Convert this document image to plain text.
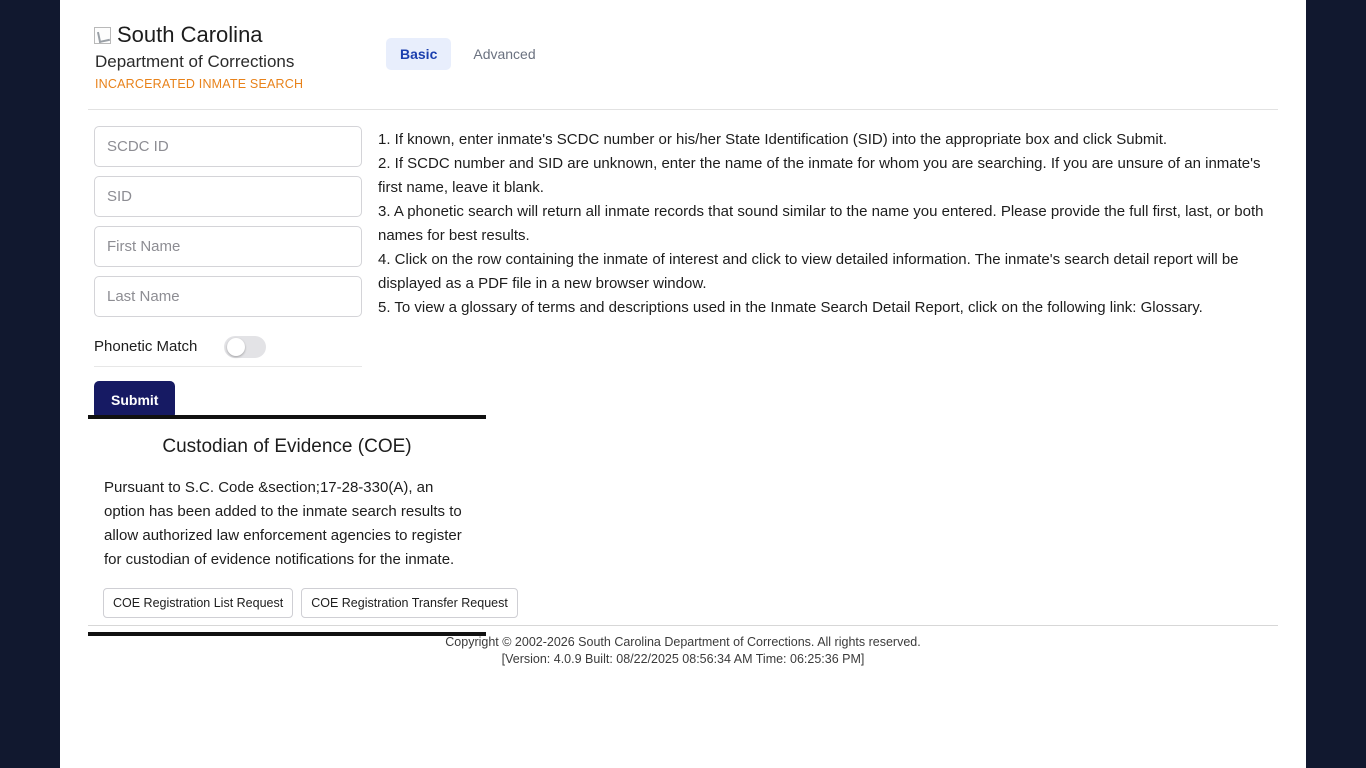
South Carolina
Department of Corrections
INCARCERATED INMATE SEARCH
Basic	Advanced
SCDC ID SID First Name Last Name
Phonetic Match
Submit

1. If known, enter inmate's SCDC number or his/her State Identification (SID) into the appropriate box and click Submit.

2. If SCDC number and SID are unknown, enter the name of the inmate for whom you are searching. If you are unsure of an inmate's first name, leave it blank.

3. A phonetic search will return all inmate records that sound similar to the name you entered. Please provide the full first, last, or both names for best results.

4. Click on the row containing the inmate of interest and click to view detailed information. The inmate's search detail report will be displayed as a PDF file in a new browser window.

5. To view a glossary of terms and descriptions used in the Inmate Search Detail Report, click on the following link: Glossary.

Custodian of Evidence (COE)

Pursuant to S.C. Code &section;17-28-330(A), an option has been added to the inmate search results to allow authorized law enforcement agencies to register for custodian of evidence notifications for the inmate.

COE Registration List Request	COE Registration Transfer Request
Copyright © 2002-2026 South Carolina Department of Corrections. All rights reserved.
[Version: 4.0.9 Built: 08/22/2025 08:56:34 AM Time: 06:25:36 PM]
